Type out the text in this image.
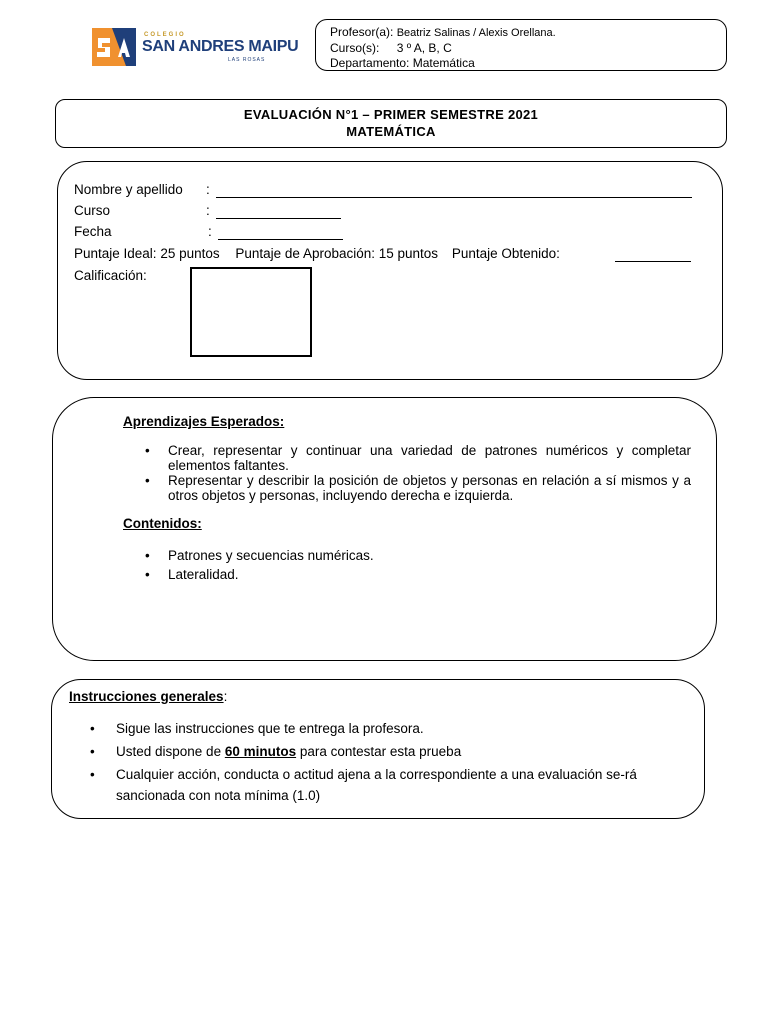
COLEGIO
SAN ANDRES MAIPU
LAS ROSAS
Profesor(a): Beatriz Salinas / Alexis Orellana.
Curso(s): 3 º A, B, C
Departamento: Matemática
EVALUACIÓN N°1 – PRIMER SEMESTRE 2021
MATEMÁTICA
Nombre y apellido :
Curso	:
Fecha	:
Puntaje Ideal: 25 puntos Puntaje de Aprobación: 15 puntos Puntaje Obtenido:
Calificación:
Aprendizajes Esperados:
• Crear, representar y continuar una variedad de patrones numéricos y completar elementos faltantes.
• Representar y describir la posición de objetos y personas en relación a sí mismos y a otros objetos y personas, incluyendo derecha e izquierda.
Contenidos:
• Patrones y secuencias numéricas.
• Lateralidad.
Instrucciones generales:
• Sigue las instrucciones que te entrega la profesora.
• Usted dispone de 60 minutos para contestar esta prueba
• Cualquier acción, conducta o actitud ajena a la correspondiente a una evaluación se-rá sancionada con nota mínima (1.0)
